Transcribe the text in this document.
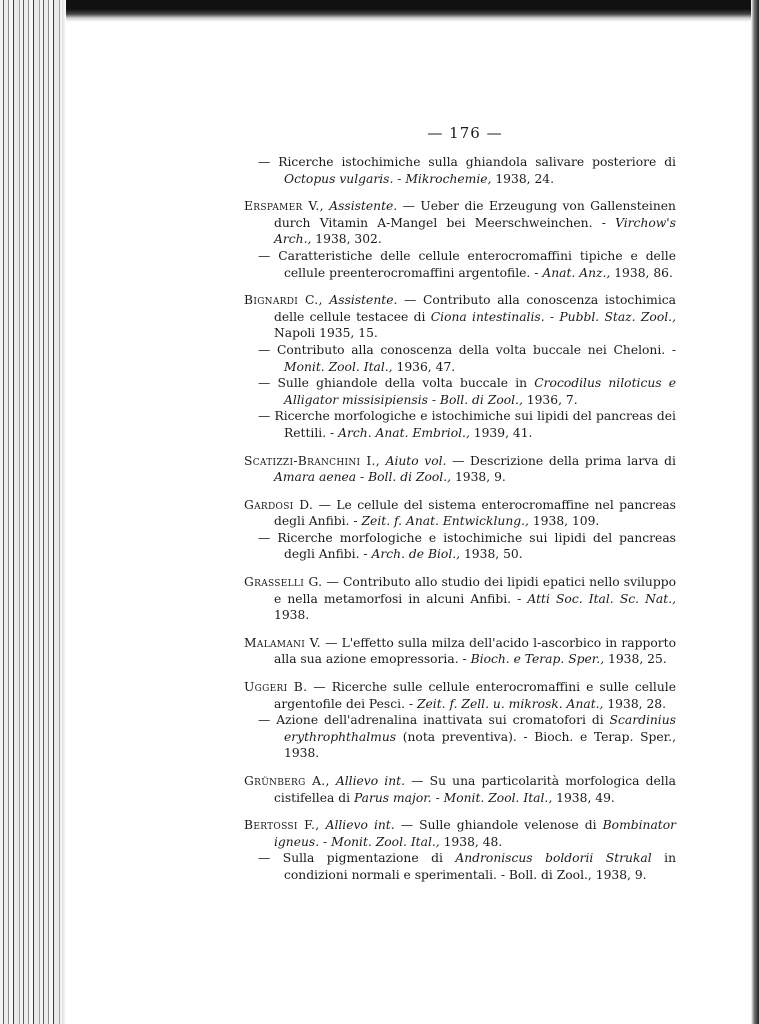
— 176 —
— Ricerche istochimiche sulla ghiandola salivare posteriore di Octopus vulgaris. - Mikrochemie, 1938, 24.
Erspamer V., Assistente. — Ueber die Erzeugung von Gallensteinen durch Vitamin A-Mangel bei Meerschweinchen. - Virchow's Arch., 1938, 302.
— Caratteristiche delle cellule enterocromaffini tipiche e delle cellule preenterocromaffini argentofile. - Anat. Anz., 1938, 86.
Bignardi C., Assistente. — Contributo alla conoscenza istochimica delle cellule testacee di Ciona intestinalis. - Pubbl. Staz. Zool., Napoli 1935, 15.
— Contributo alla conoscenza della volta buccale nei Cheloni. - Monit. Zool. Ital., 1936, 47.
— Sulle ghiandole della volta buccale in Crocodilus niloticus e Alligator missisipiensis - Boll. di Zool., 1936, 7.
— Ricerche morfologiche e istochimiche sui lipidi del pancreas dei Rettili. - Arch. Anat. Embriol., 1939, 41.
Scatizzi-Branchini I., Aiuto vol. — Descrizione della prima larva di Amara aenea - Boll. di Zool., 1938, 9.
Gardosi D. — Le cellule del sistema enterocromaffine nel pancreas degli Anfibi. - Zeit. f. Anat. Entwicklung., 1938, 109.
— Ricerche morfologiche e istochimiche sui lipidi del pancreas degli Anfibi. - Arch. de Biol., 1938, 50.
Grasselli G. — Contributo allo studio dei lipidi epatici nello sviluppo e nella metamorfosi in alcuni Anfibi. - Atti Soc. Ital. Sc. Nat., 1938.
Malamani V. — L'effetto sulla milza dell'acido l-ascorbico in rapporto alla sua azione emopressoria. - Bioch. e Terap. Sper., 1938, 25.
Uggeri B. — Ricerche sulle cellule enterocromaffini e sulle cellule argentofile dei Pesci. - Zeit. f. Zell. u. mikrosk. Anat., 1938, 28.
— Azione dell'adrenalina inattivata sui cromatofori di Scardinius erythrophthalmus (nota preventiva). - Bioch. e Terap. Sper., 1938.
Grünberg A., Allievo int. — Su una particolarità morfologica della cistifellea di Parus major. - Monit. Zool. Ital., 1938, 49.
Bertossi F., Allievo int. — Sulle ghiandole velenose di Bombinator igneus. - Monit. Zool. Ital., 1938, 48.
— Sulla pigmentazione di Androniscus boldorii Strukal in condizioni normali e sperimentali. - Boll. di Zool., 1938, 9.
